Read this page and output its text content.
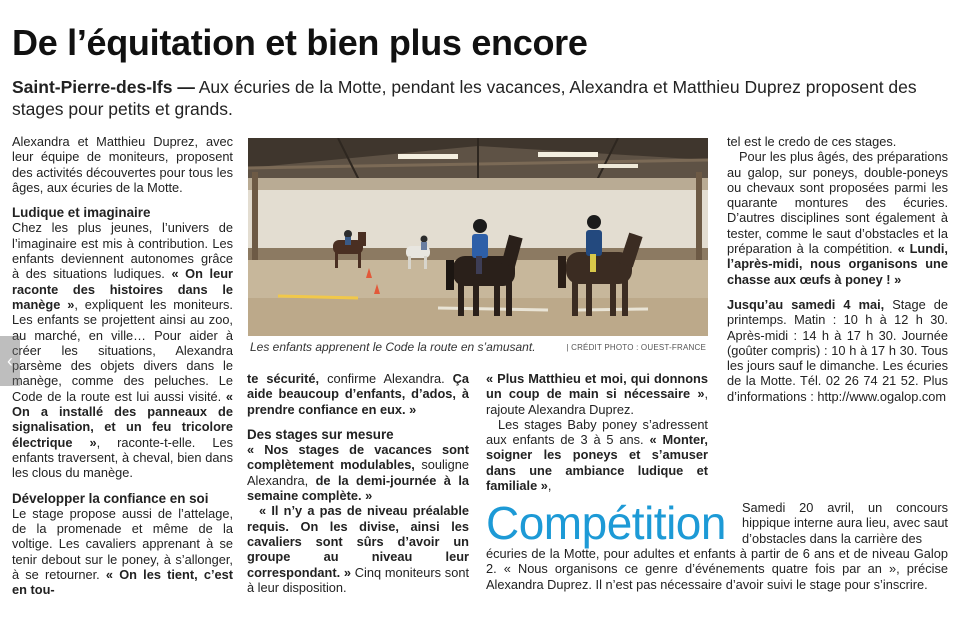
De l’équitation et bien plus encore
Saint-Pierre-des-Ifs — Aux écuries de la Motte, pendant les vacances, Alexandra et Matthieu Duprez proposent des stages pour petits et grands.

Alexandra et Matthieu Duprez, avec leur équipe de moniteurs, proposent des activités découvertes pour tous les âges, aux écuries de la Motte.

Ludique et imaginaire

Chez les plus jeunes, l’univers de l’imaginaire est mis à contribution. Les enfants deviennent autonomes grâce à des situations ludiques. « On leur raconte des histoires dans le manège », expliquent les moniteurs. Les enfants se projettent ainsi au zoo, au marché, en ville… Pour aider à créer les situations, Alexandra parsème des objets divers dans le manège, comme des peluches. Le Code de la route est lui aussi visité. « On a installé des panneaux de signalisation, et un feu tricolore électrique », raconte-t-elle. Les enfants traversent, à cheval, bien dans les clous du manège.

Développer la confiance en soi

Le stage propose aussi de l’attelage, de la promenade et même de la voltige. Les cavaliers apprenant à se tenir debout sur le poney, à s’allonger, à se retourner. « On les tient, c’est en tou-

Les enfants apprenent le Code la route en s’amusant.	| CRÉDIT PHOTO : OUEST-FRANCE

te sécurité, confirme Alexandra. Ça aide beaucoup d’enfants, d’ados, à prendre confiance en eux. »

Des stages sur mesure

« Nos stages de vacances sont complètement modulables, souligne Alexandra, de la demi-journée à la semaine complète. »

« Il n’y a pas de niveau préalable requis. On les divise, ainsi les cavaliers sont sûrs d’avoir un groupe au niveau leur correspondant. » Cinq moniteurs sont à leur disposition.

« Plus Matthieu et moi, qui donnons un coup de main si nécessaire », rajoute Alexandra Duprez.

Les stages Baby poney s’adressent aux enfants de 3 à 5 ans. « Monter, soigner les poneys et s’amuser dans une ambiance ludique et familiale »,

tel est le credo de ces stages.

Pour les plus âgés, des préparations au galop, sur poneys, double-poneys ou chevaux sont proposées parmi les quarante montures des écuries. D’autres disciplines sont également à tester, comme le saut d’obstacles et la préparation à la compétition. « Lundi, l’après-midi, nous organisons une chasse aux œufs à poney ! »

Jusqu’au samedi 4 mai, Stage de printemps. Matin : 10 h à 12 h 30. Après-midi : 14 h à 17 h 30. Journée (goûter compris) : 10 h à 17 h 30. Tous les jours sauf le dimanche. Les écuries de la Motte. Tél. 02 26 74 21 52. Plus d’informations : http://www.ogalop.com

Compétition Samedi 20 avril, un concours hippique interne aura lieu, avec saut d’obstacles dans la carrière des
écuries de la Motte, pour adultes et enfants à partir de 6 ans et de niveau Galop 2. « Nous organisons ce genre d’événements quatre fois par an », précise Alexandra Duprez. Il n’est pas nécessaire d’avoir suivi le stage pour s’inscrire.
‹
